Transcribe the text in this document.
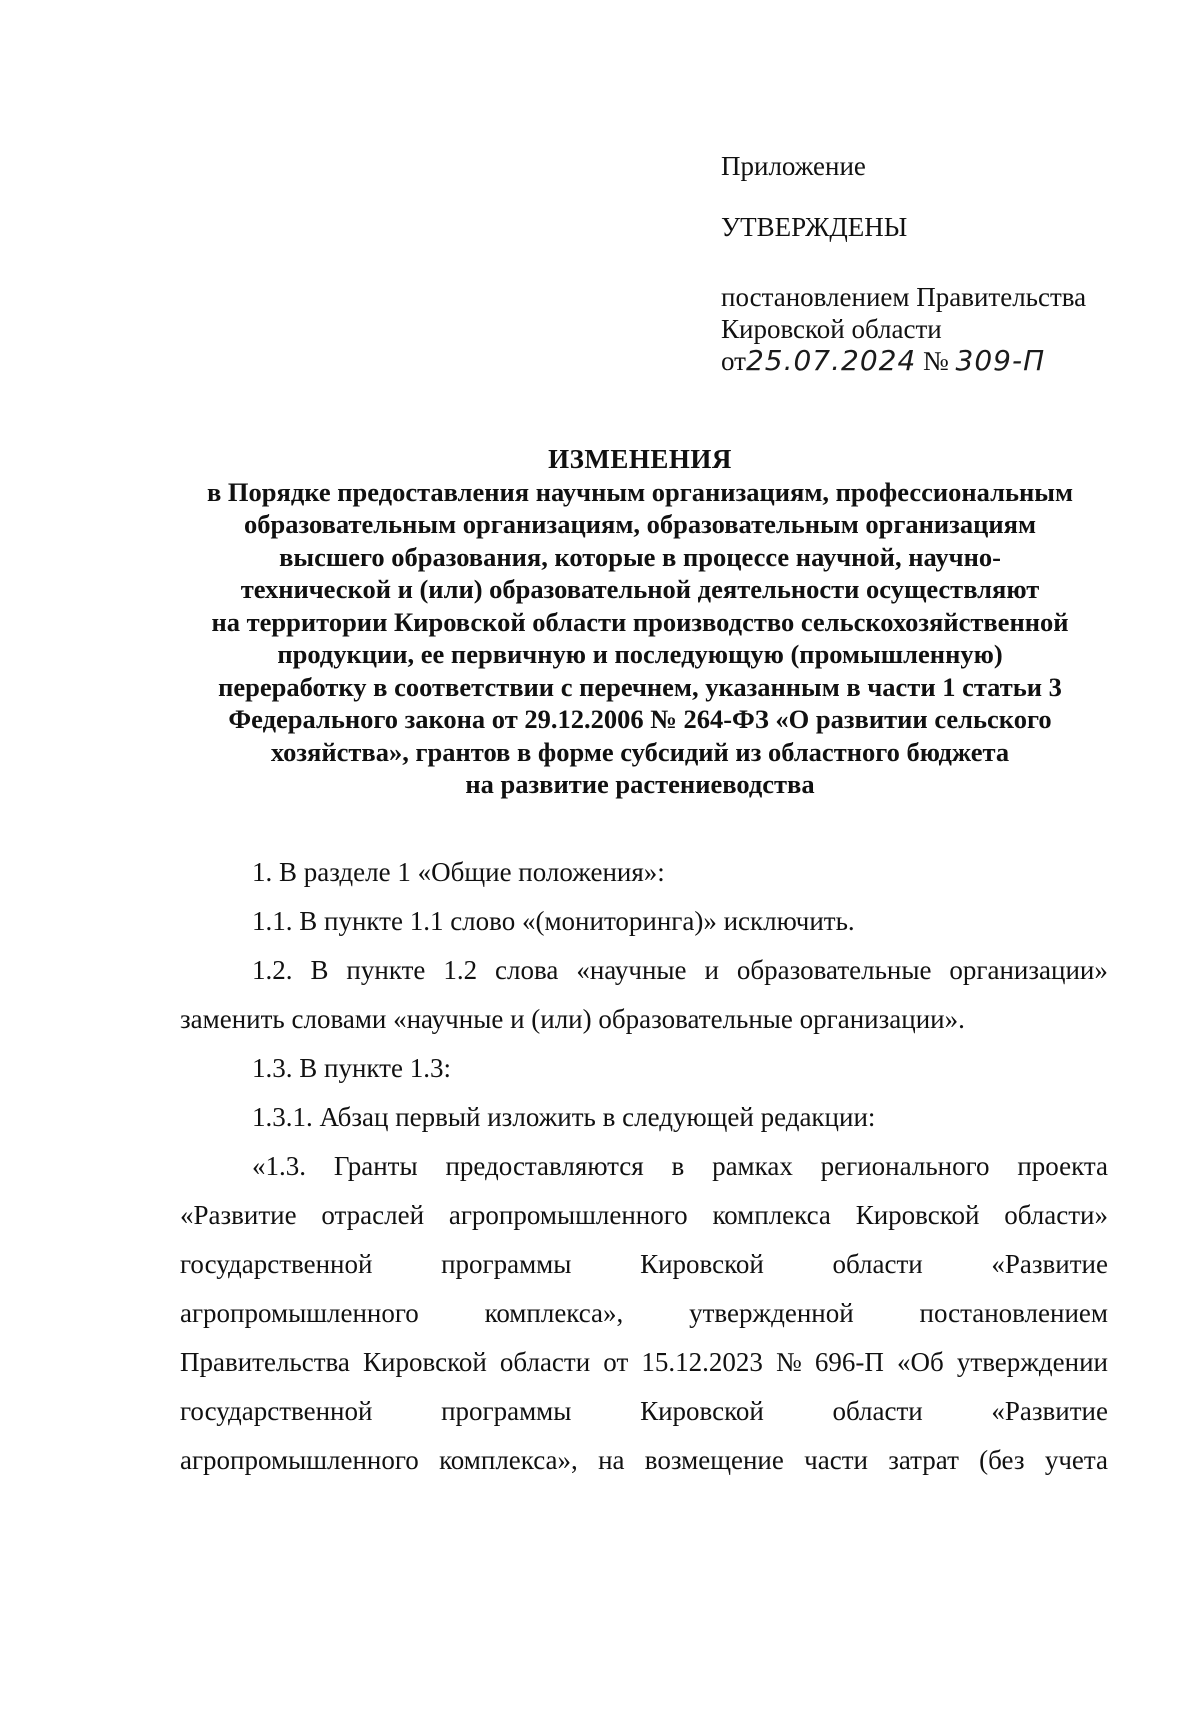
Приложение
УТВЕРЖДЕНЫ
постановлением Правительства
Кировской области
от25.07.2024 № 309-П
ИЗМЕНЕНИЯ
в Порядке предоставления научным организациям, профессиональным
образовательным организациям, образовательным организациям
высшего образования, которые в процессе научной, научно-
технической и (или) образовательной деятельности осуществляют
на территории Кировской области производство сельскохозяйственной
продукции, ее первичную и последующую (промышленную)
переработку в соответствии с перечнем, указанным в части 1 статьи 3
Федерального закона от 29.12.2006 № 264-ФЗ «О развитии сельского
хозяйства», грантов в форме субсидий из областного бюджета
на развитие растениеводства
1. В разделе 1 «Общие положения»:
1.1. В пункте 1.1 слово «(мониторинга)» исключить.
1.2. В пункте 1.2 слова «научные и образовательные организации»
заменить словами «научные и (или) образовательные организации».
1.3. В пункте 1.3:
1.3.1. Абзац первый изложить в следующей редакции:
«1.3. Гранты предоставляются в рамках регионального проекта
«Развитие отраслей агропромышленного комплекса Кировской области»
государственной	программы	Кировской	области	«Развитие
агропромышленного комплекса», утвержденной постановлением
Правительства Кировской области от 15.12.2023 № 696-П «Об утверждении
государственной	программы	Кировской	области	«Развитие
агропромышленного комплекса», на возмещение части затрат (без учета
